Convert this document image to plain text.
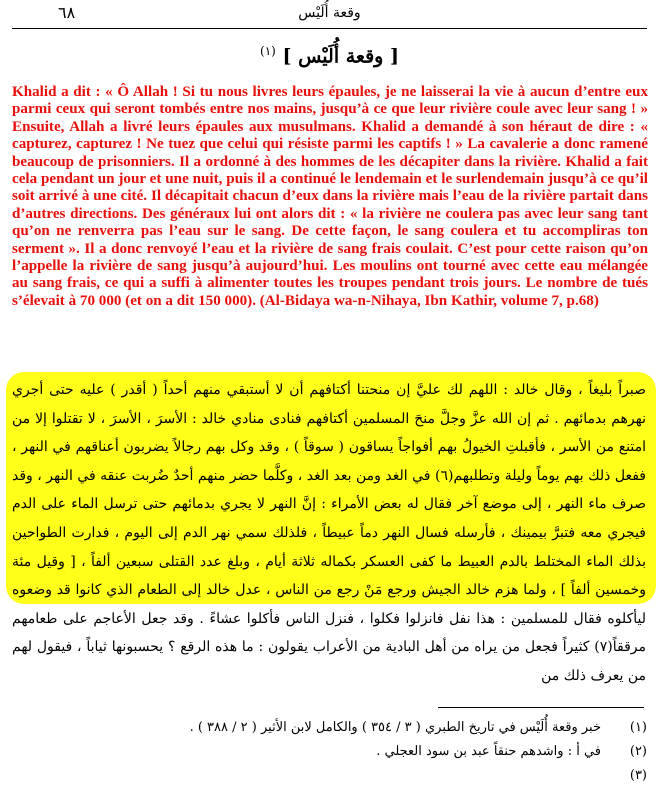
٦٨	وقعة أُلَيْس
[ وقعة أُلَيْس ] $^{(١)}$

Khalid a dit : « Ô Allah ! Si tu nous livres leurs épaules, je ne laisserai la vie à aucun d’entre eux parmi ceux qui seront tombés entre nos mains, jusqu’à ce que leur rivière coule avec leur sang ! » Ensuite, Allah a livré leurs épaules aux musulmans. Khalid a demandé à son héraut de dire : « capturez, capturez ! Ne tuez que celui qui résiste parmi les captifs ! » La cavalerie a donc ramené beaucoup de prisonniers. Il a ordonné à des hommes de les décapiter dans la rivière. Khalid a fait cela pendant un jour et une nuit, puis il a continué le lendemain et le surlendemain jusqu’à ce qu’il soit arrivé à une cité. Il décapitait chacun d’eux dans la rivière mais l’eau de la rivière partait dans d’autres directions. Des généraux lui ont alors dit : « la rivière ne coulera pas avec leur sang tant qu’on ne renverra pas l’eau sur le sang. De cette façon, le sang coulera et tu accompliras ton serment ». Il a donc renvoyé l’eau et la rivière de sang frais coulait. C’est pour cette raison qu’on l’appelle la rivière de sang jusqu’à aujourd’hui. Les moulins ont tourné avec cette eau mélangée au sang frais, ce qui a suffi à alimenter toutes les troupes pendant trois jours. Le nombre de tués s’élevait à 70 000 (et on a dit 150 000). (Al-Bidaya wa-n-Nihaya, Ibn Kathir, volume 7, p.68)

صبراً بليغاً ، وقال خالد : اللهم لك عليَّ إن منحتنا أكتافهم أن لا أستبقي منهم أحداً ( أقدر ) عليه حتى أجري نهرهم بدمائهم . ثم إن الله عزَّ وجلَّ منحَ المسلمين أكتافهم فنادى منادي خالد : الأسرَ ، الأسرَ ، لا تقتلوا إلا من امتنع من الأسر ، فأقبلتِ الخيولُ بهم أفواجاً يساقون ( سوقاً ) ، وقد وكل بهم رجالاً يضربون أعناقهم في النهر ، ففعل ذلك بهم يوماً وليلة وتطلبهم(٦) في الغد ومن بعد الغد ، وكلَّما حضر منهم أحدٌ ضُربت عنقه في النهر ، وقد صرف ماء النهر ، إلى موضع آخر فقال له بعض الأمراء : إنَّ النهر لا يجري بدمائهم حتى ترسل الماء على الدم فيجري معه فتبرَّ بيمينك ، فأرسله فسال النهر دماً عبيطاً ، فلذلك سمي نهر الدم إلى اليوم ، فدارت الطواحين بذلك الماء المختلط بالدم العبيط ما كفى العسكر بكماله ثلاثة أيام ، وبلغ عدد القتلى سبعين ألفاً ، [ وقيل مئة وخمسين ألفاً ] ، ولما هزم خالد الجيش ورجع مَنْ رجع من الناس ، عدل خالد إلى الطعام الذي كانوا قد وضعوه ليأكلوه فقال للمسلمين : هذا نفل فانزلوا فكلوا ، فنزل الناس فأكلوا عشاءً . وقد جعل الأعاجم على طعامهم مرققاً(٧) كثيراً فجعل من يراه من أهل البادية من الأعراب يقولون : ما هذه الرقع ؟ يحسبونها ثياباً ، فيقول لهم من يعرف ذلك من

(١)
خبر وقعة أُلَيْس في تاريخ الطبري ( ٣ / ٣٥٤ ) والكامل لابن الأثير ( ٢ / ٣٨٨ ) .
(٢)
في أ : واشدهم حنقاً عبد بن سود العجلي .
(٣)
